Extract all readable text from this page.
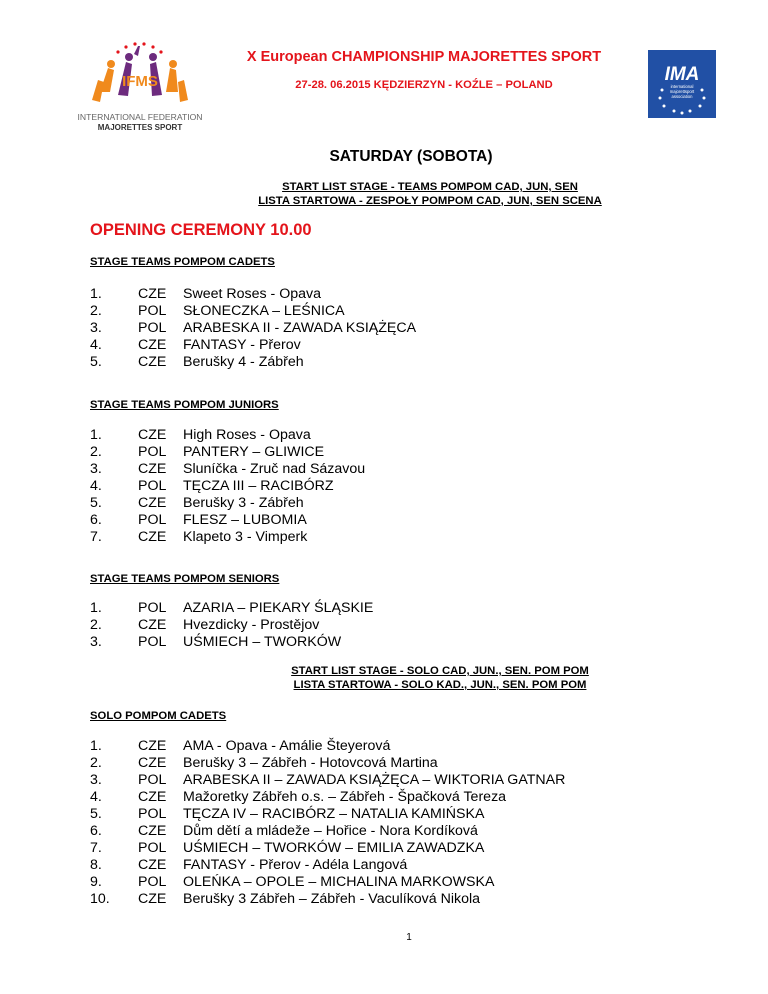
IFMS
INTERNATIONAL FEDERATION
MAJORETTES SPORT
X European CHAMPIONSHIP MAJORETTES SPORT
27-28. 06.2015 KĘDZIERZYN - KOŹLE – POLAND	IMA
international majorettsport association
SATURDAY (SOBOTA)
START LIST STAGE - TEAMS POMPOM CAD, JUN, SEN
LISTA STARTOWA - ZESPOŁY POMPOM CAD, JUN, SEN SCENA
OPENING CEREMONY 10.00
STAGE TEAMS POMPOM CADETS
1.	CZE Sweet Roses - Opava
2.	POL SŁONECZKA – LEŚNICA
3.	POL ARABESKA II - ZAWADA KSIĄŻĘCA
4.	CZE FANTASY - Přerov
5.	CZE Berušky 4 - Zábřeh
STAGE TEAMS POMPOM JUNIORS
1.	CZE High Roses - Opava
2.	POL PANTERY – GLIWICE
3.	CZE Sluníčka - Zruč nad Sázavou
4.	POL TĘCZA III – RACIBÓRZ
5.	CZE Berušky 3 - Zábřeh
6.	POL FLESZ – LUBOMIA
7.	CZE Klapeto 3 - Vimperk
STAGE TEAMS POMPOM SENIORS
1.	POL AZARIA – PIEKARY ŚLĄSKIE
2.	CZE Hvezdicky - Prostějov
3.	POL UŚMIECH – TWORKÓW
START LIST STAGE - SOLO CAD, JUN., SEN. POM POM
LISTA STARTOWA - SOLO KAD., JUN., SEN. POM POM
SOLO POMPOM CADETS
1.	CZE AMA - Opava - Amálie Šteyerová
2.	CZE Berušky 3 – Zábřeh - Hotovcová Martina
3.	POL ARABESKA II – ZAWADA KSIĄŻĘCA – WIKTORIA GATNAR
4.	CZE Mažoretky Zábřeh o.s. – Zábřeh - Špačková Tereza
5.	POL TĘCZA IV – RACIBÓRZ – NATALIA KAMIŃSKA
6.	CZE Dům dětí a mládeže – Hořice - Nora Kordíková
7.	POL UŚMIECH – TWORKÓW – EMILIA ZAWADZKA
8.	CZE FANTASY - Přerov - Adéla Langová
9.	POL OLEŃKA – OPOLE – MICHALINA MARKOWSKA
10. CZE Berušky 3 Zábřeh – Zábřeh - Vaculíková Nikola
1
